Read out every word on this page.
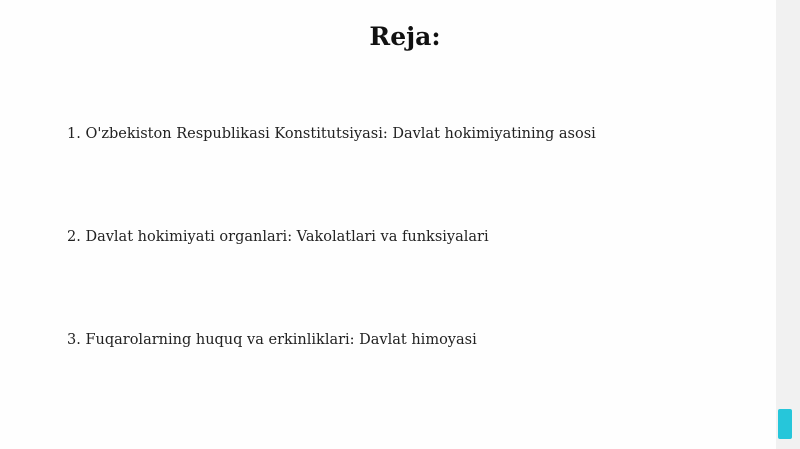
Reja:

1. O'zbekiston Respublikasi Konstitutsiyasi: Davlat hokimiyatining asosi

2. Davlat hokimiyati organlari: Vakolatlari va funksiyalari

3. Fuqarolarning huquq va erkinliklari: Davlat himoyasi
